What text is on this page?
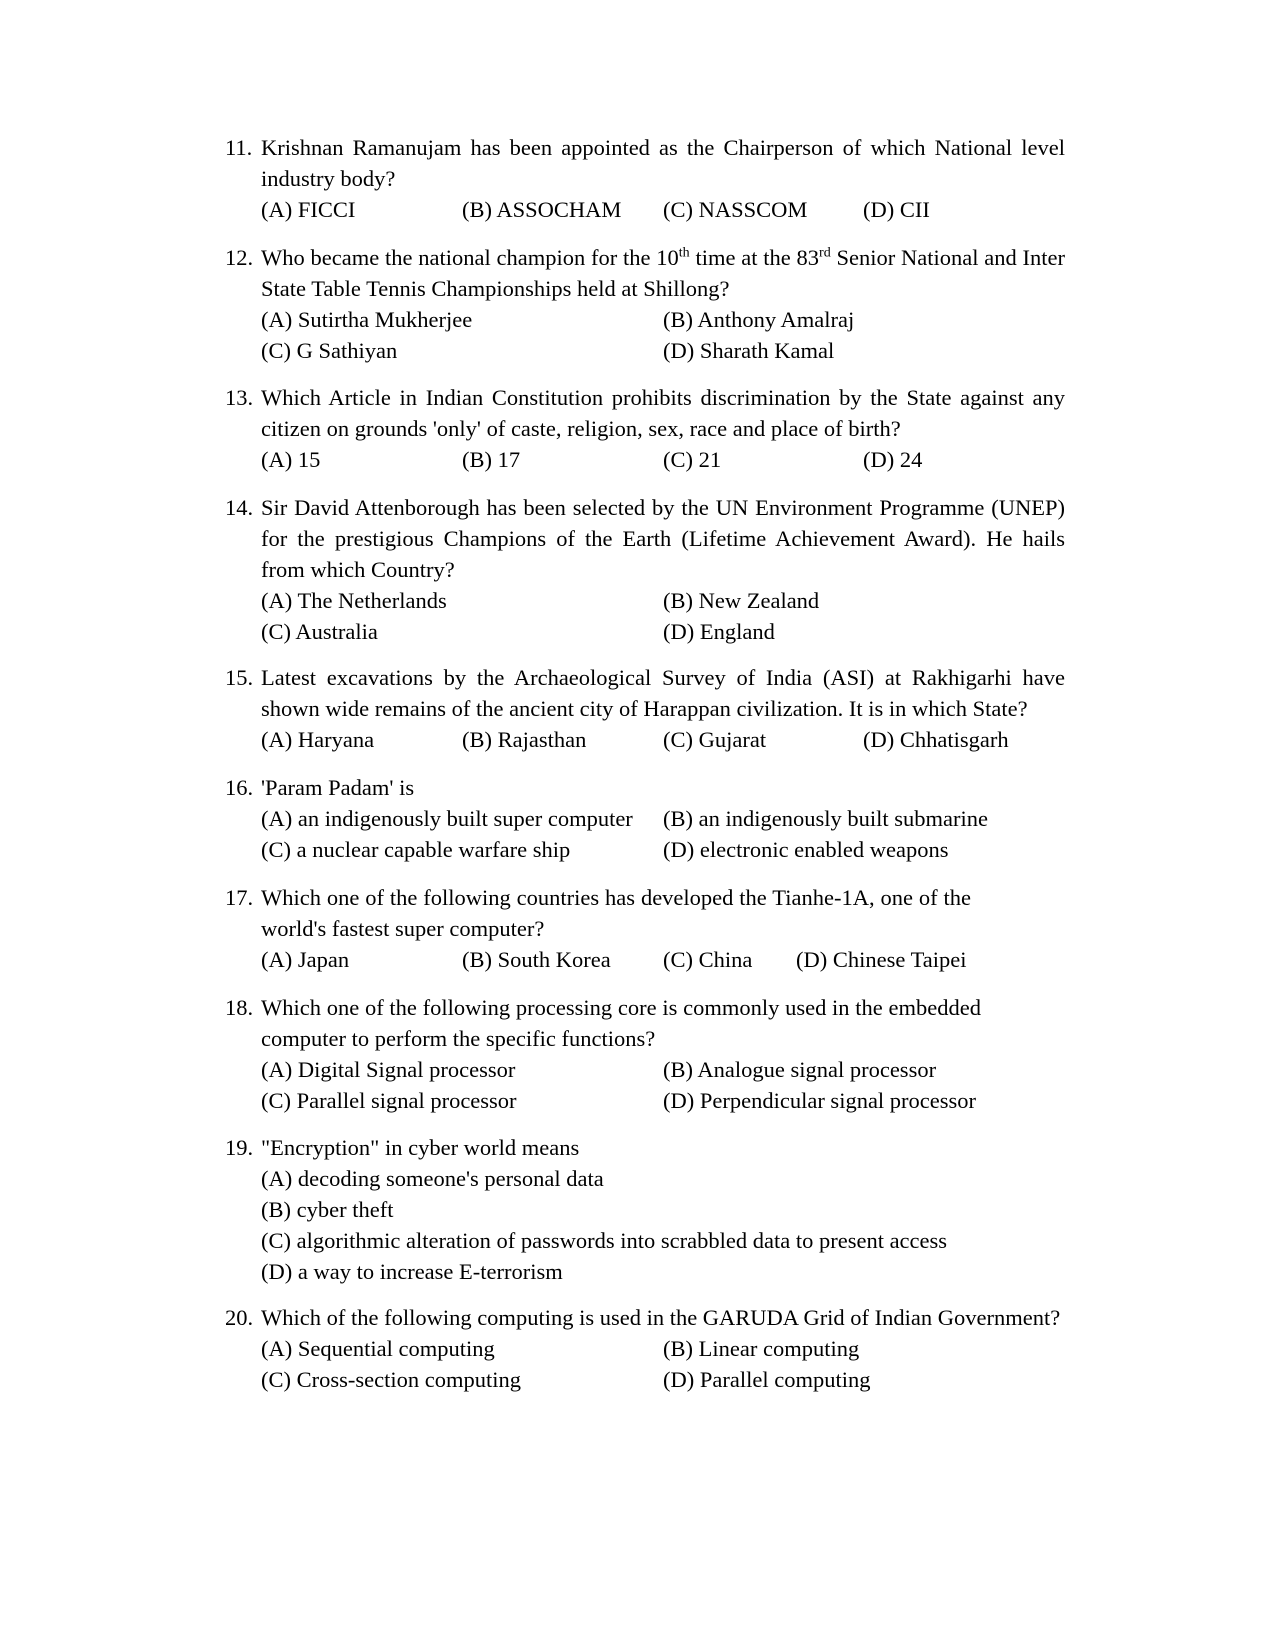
11. Krishnan Ramanujam has been appointed as the Chairperson of which National level industry body?
(A) FICCI	(B) ASSOCHAM (C) NASSCOM (D) CII
12. Who became the national champion for the 10th time at the 83rd Senior National and Inter State Table Tennis Championships held at Shillong?
(A) Sutirtha Mukherjee	(B) Anthony Amalraj
(C) G Sathiyan	(D) Sharath Kamal
13. Which Article in Indian Constitution prohibits discrimination by the State against any citizen on grounds 'only' of caste, religion, sex, race and place of birth?
(A) 15	(B) 17	(C) 21	(D) 24
14. Sir David Attenborough has been selected by the UN Environment Programme (UNEP) for the prestigious Champions of the Earth (Lifetime Achievement Award). He hails from which Country?
(A) The Netherlands	(B) New Zealand
(C) Australia	(D) England
15. Latest excavations by the Archaeological Survey of India (ASI) at Rakhigarhi have shown wide remains of the ancient city of Harappan civilization. It is in which State?
(A) Haryana	(B) Rajasthan	(C) Gujarat	(D) Chhatisgarh
16. 'Param Padam' is
(A) an indigenously built super computer (B) an indigenously built submarine
(C) a nuclear capable warfare ship	(D) electronic enabled weapons
17. Which one of the following countries has developed the Tianhe-1A, one of the world's fastest super computer?
(A) Japan	(B) South Korea (C) China (D) Chinese Taipei
18. Which one of the following processing core is commonly used in the embedded computer to perform the specific functions?
(A) Digital Signal processor	(B) Analogue signal processor
(C) Parallel signal processor	(D) Perpendicular signal processor
19. "Encryption" in cyber world means
(A) decoding someone's personal data
(B) cyber theft
(C) algorithmic alteration of passwords into scrabbled data to present access
(D) a way to increase E-terrorism
20. Which of the following computing is used in the GARUDA Grid of Indian Government?
(A) Sequential computing	(B) Linear computing
(C) Cross-section computing	(D) Parallel computing
